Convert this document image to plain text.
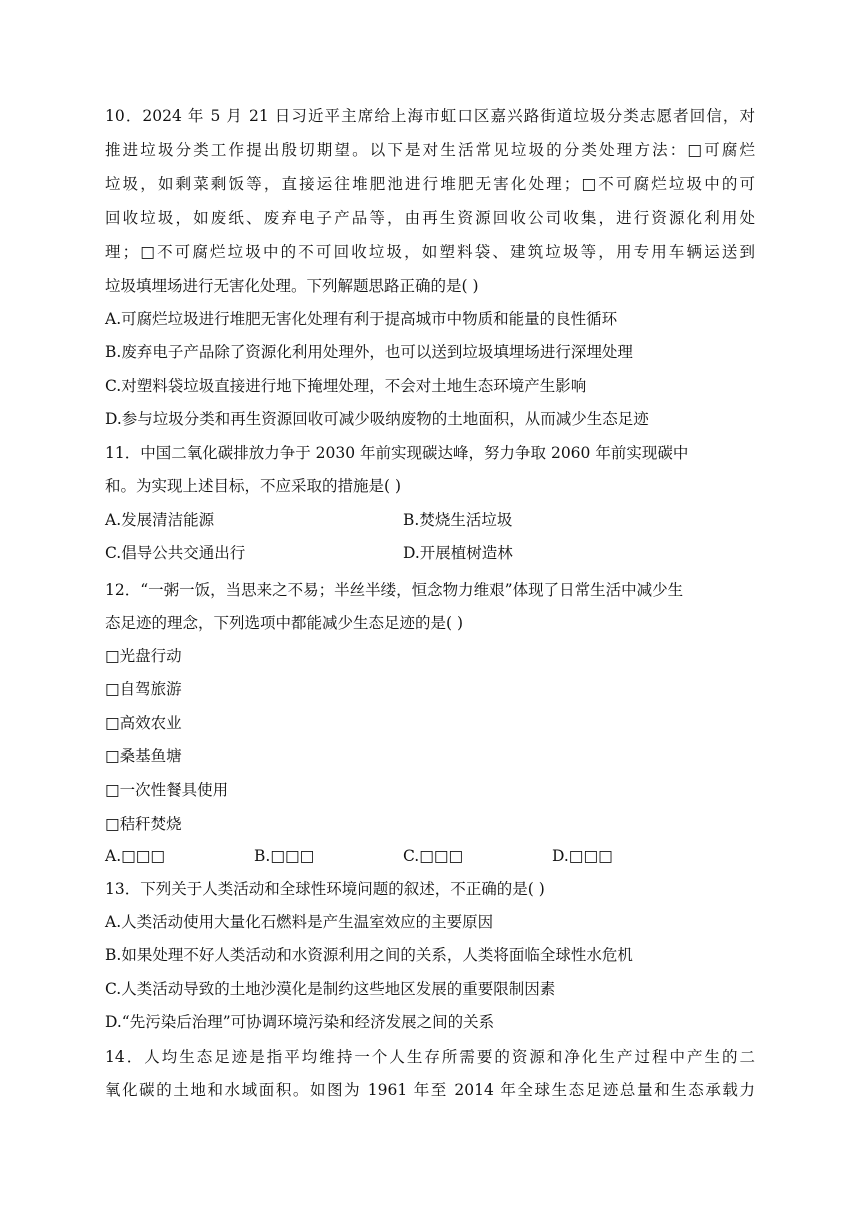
10．2024 年 5 月 21 日习近平主席给上海市虹口区嘉兴路街道垃圾分类志愿者回信，对
推进垃圾分类工作提出殷切期望。以下是对生活常见垃圾的分类处理方法：□可腐烂
垃圾，如剩菜剩饭等，直接运往堆肥池进行堆肥无害化处理；□不可腐烂垃圾中的可
回收垃圾，如废纸、废弃电子产品等，由再生资源回收公司收集，进行资源化利用处
理；□不可腐烂垃圾中的不可回收垃圾，如塑料袋、建筑垃圾等，用专用车辆运送到
垃圾填埋场进行无害化处理。下列解题思路正确的是( )
A.可腐烂垃圾进行堆肥无害化处理有利于提高城市中物质和能量的良性循环
B.废弃电子产品除了资源化利用处理外，也可以送到垃圾填埋场进行深埋处理
C.对塑料袋垃圾直接进行地下掩埋处理，不会对土地生态环境产生影响
D.参与垃圾分类和再生资源回收可减少吸纳废物的土地面积，从而减少生态足迹
11．中国二氧化碳排放力争于 2030 年前实现碳达峰，努力争取 2060 年前实现碳中
和。为实现上述目标，不应采取的措施是( )
A.发展清洁能源	B.焚烧生活垃圾
C.倡导公共交通出行	D.开展植树造林
12．“一粥一饭，当思来之不易；半丝半缕，恒念物力维艰”体现了日常生活中减少生
态足迹的理念，下列选项中都能减少生态足迹的是( )
□光盘行动
□自驾旅游
□高效农业
□桑基鱼塘
□一次性餐具使用
□秸秆焚烧
A.□□□	B.□□□	C.□□□	D.□□□
13．下列关于人类活动和全球性环境问题的叙述，不正确的是( )
A.人类活动使用大量化石燃料是产生温室效应的主要原因
B.如果处理不好人类活动和水资源利用之间的关系，人类将面临全球性水危机
C.人类活动导致的土地沙漠化是制约这些地区发展的重要限制因素
D.“先污染后治理”可协调环境污染和经济发展之间的关系
14．人均生态足迹是指平均维持一个人生存所需要的资源和净化生产过程中产生的二
氧化碳的土地和水域面积。如图为 1961 年至 2014 年全球生态足迹总量和生态承载力
